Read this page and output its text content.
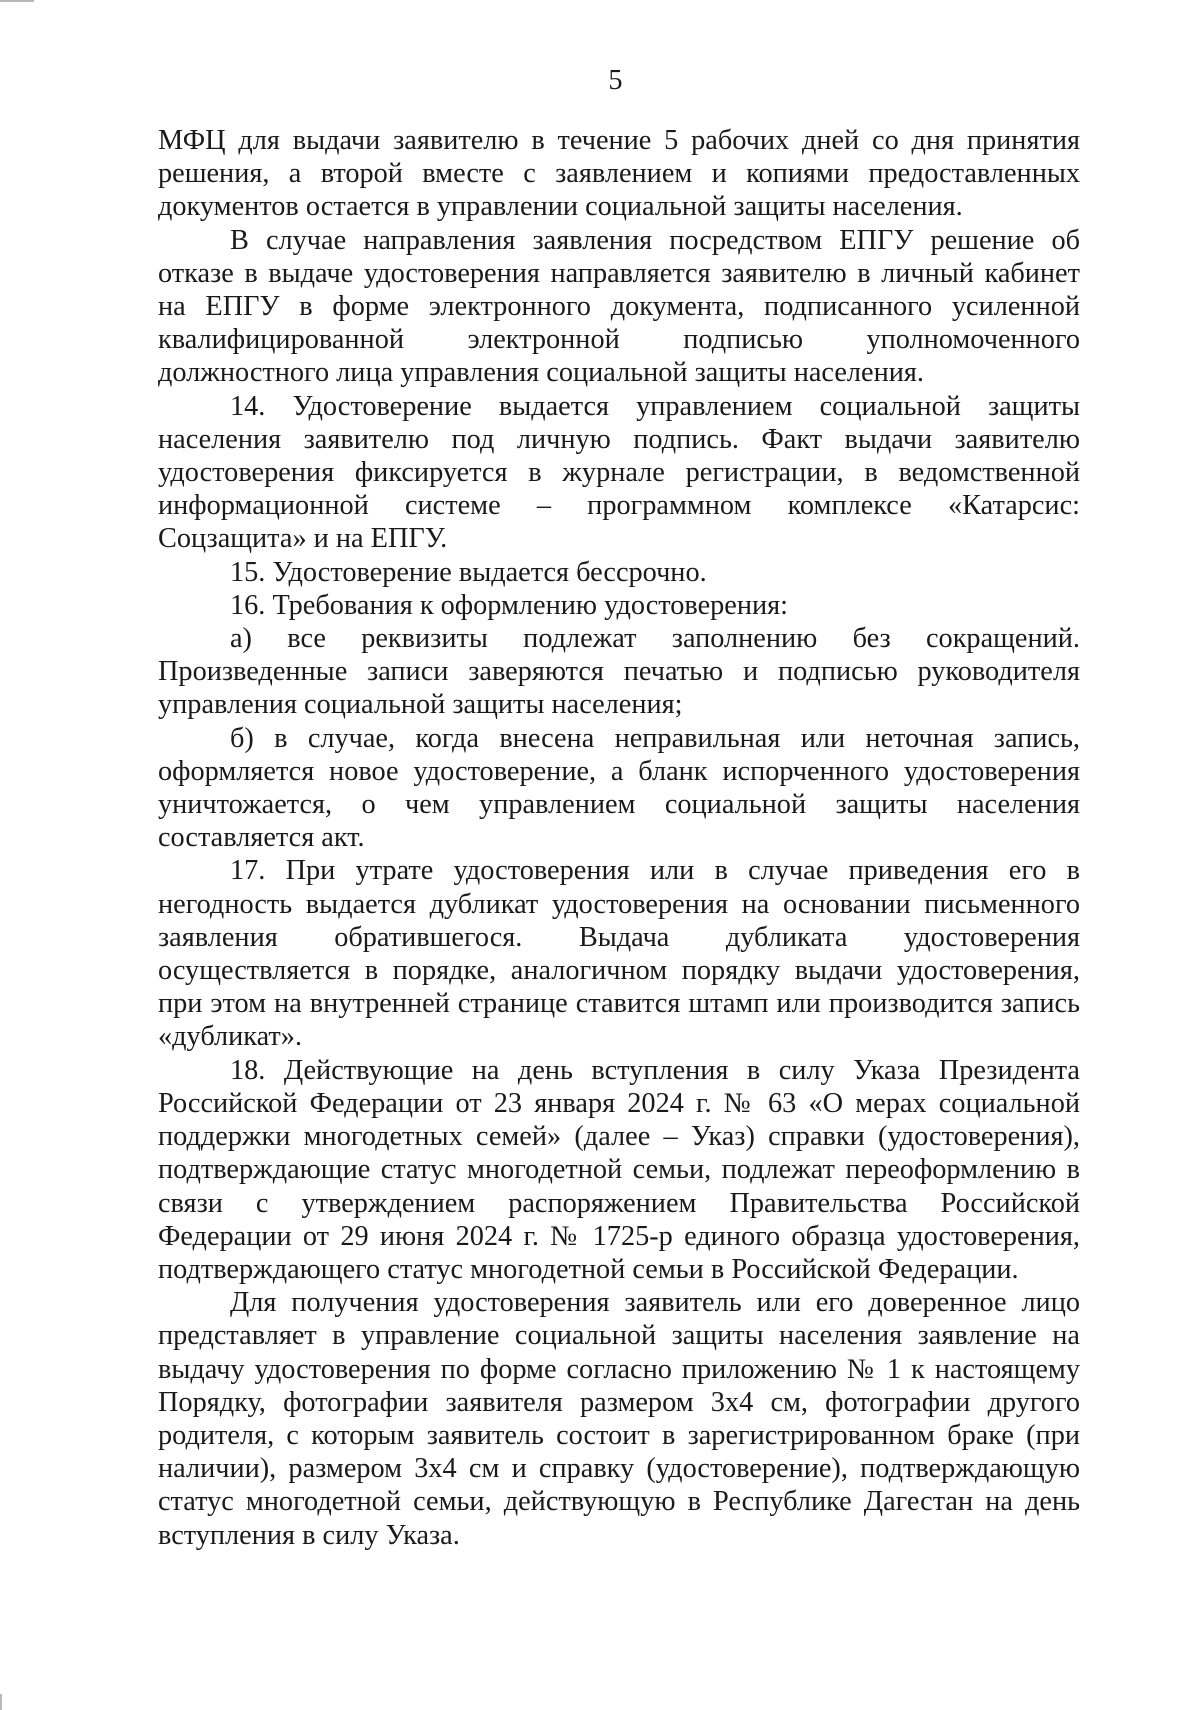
5

МФЦ для выдачи заявителю в течение 5 рабочих дней со дня принятия решения, а второй вместе с заявлением и копиями предоставленных документов остается в управлении социальной защиты населения.

В случае направления заявления посредством ЕПГУ решение об отказе в выдаче удостоверения направляется заявителю в личный кабинет на ЕПГУ в форме электронного документа, подписанного усиленной квалифицированной электронной подписью уполномоченного должностного лица управления социальной защиты населения.

14. Удостоверение выдается управлением социальной защиты населения заявителю под личную подпись. Факт выдачи заявителю удостоверения фиксируется в журнале регистрации, в ведомственной информационной системе – программном комплексе «Катарсис: Соцзащита» и на ЕПГУ.

15. Удостоверение выдается бессрочно.

16. Требования к оформлению удостоверения:

а) все реквизиты подлежат заполнению без сокращений. Произведенные записи заверяются печатью и подписью руководителя управления социальной защиты населения;

б) в случае, когда внесена неправильная или неточная запись, оформляется новое удостоверение, а бланк испорченного удостоверения уничтожается, о чем управлением социальной защиты населения составляется акт.

17. При утрате удостоверения или в случае приведения его в негодность выдается дубликат удостоверения на основании письменного заявления обратившегося. Выдача дубликата удостоверения осуществляется в порядке, аналогичном порядку выдачи удостоверения, при этом на внутренней странице ставится штамп или производится запись «дубликат».

18. Действующие на день вступления в силу Указа Президента Российской Федерации от 23 января 2024 г. № 63 «О мерах социальной поддержки многодетных семей» (далее – Указ) справки (удостоверения), подтверждающие статус многодетной семьи, подлежат переоформлению в связи с утверждением распоряжением Правительства Российской Федерации от 29 июня 2024 г. № 1725-р единого образца удостоверения, подтверждающего статус многодетной семьи в Российской Федерации.

Для получения удостоверения заявитель или его доверенное лицо представляет в управление социальной защиты населения заявление на выдачу удостоверения по форме согласно приложению № 1 к настоящему Порядку, фотографии заявителя размером 3х4 см, фотографии другого родителя, с которым заявитель состоит в зарегистрированном браке (при наличии), размером 3х4 см и справку (удостоверение), подтверждающую статус многодетной семьи, действующую в Республике Дагестан на день вступления в силу Указа.
